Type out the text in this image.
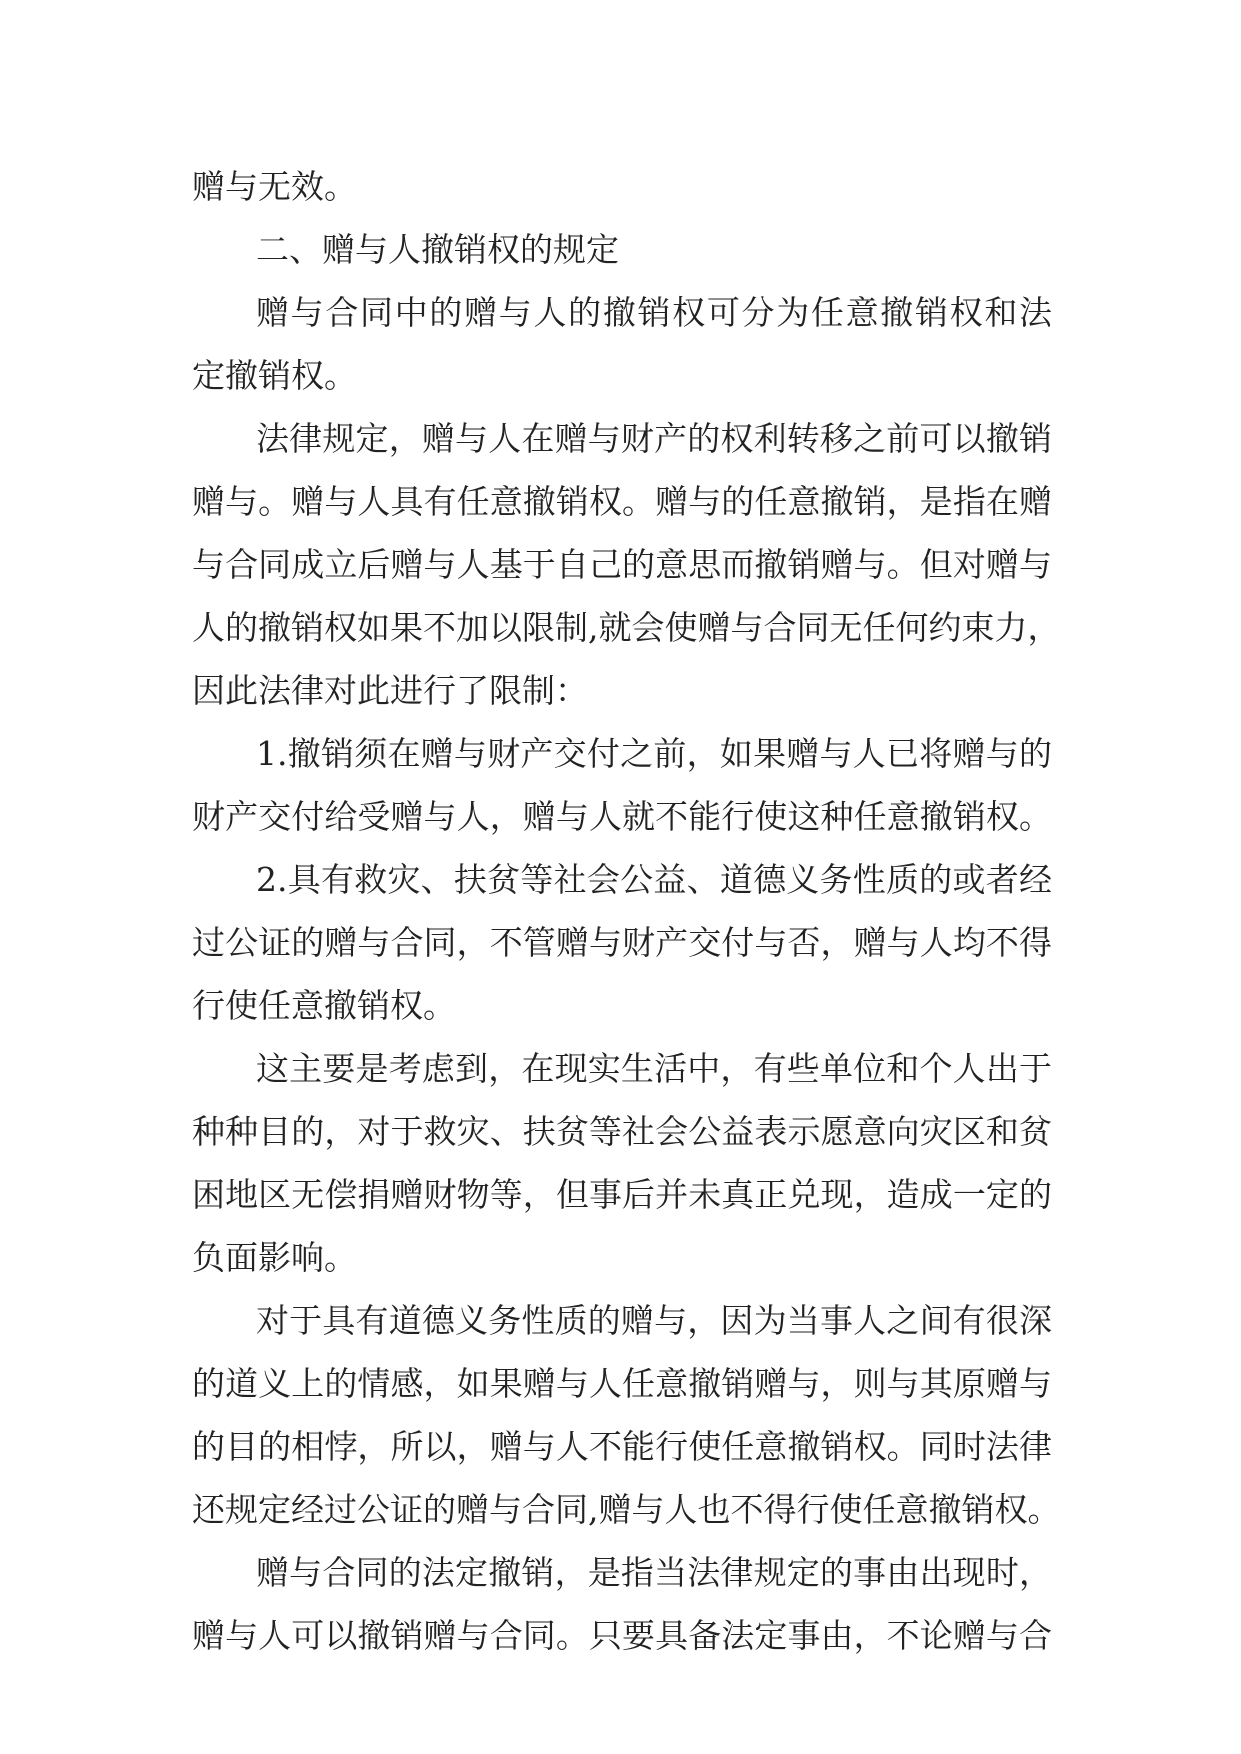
赠与无效。
二、赠与人撤销权的规定
赠与合同中的赠与人的撤销权可分为任意撤销权和法
定撤销权。
法律规定，赠与人在赠与财产的权利转移之前可以撤销
赠与。赠与人具有任意撤销权。赠与的任意撤销，是指在赠
与合同成立后赠与人基于自己的意思而撤销赠与。但对赠与
人的撤销权如果不加以限制,就会使赠与合同无任何约束力，
因此法律对此进行了限制：
1.撤销须在赠与财产交付之前，如果赠与人已将赠与的
财产交付给受赠与人，赠与人就不能行使这种任意撤销权。
2.具有救灾、扶贫等社会公益、道德义务性质的或者经
过公证的赠与合同，不管赠与财产交付与否，赠与人均不得
行使任意撤销权。
这主要是考虑到，在现实生活中，有些单位和个人出于
种种目的，对于救灾、扶贫等社会公益表示愿意向灾区和贫
困地区无偿捐赠财物等，但事后并未真正兑现，造成一定的
负面影响。
对于具有道德义务性质的赠与，因为当事人之间有很深
的道义上的情感，如果赠与人任意撤销赠与，则与其原赠与
的目的相悖，所以，赠与人不能行使任意撤销权。同时法律
还规定经过公证的赠与合同,赠与人也不得行使任意撤销权。
赠与合同的法定撤销，是指当法律规定的事由出现时，
赠与人可以撤销赠与合同。只要具备法定事由，不论赠与合
